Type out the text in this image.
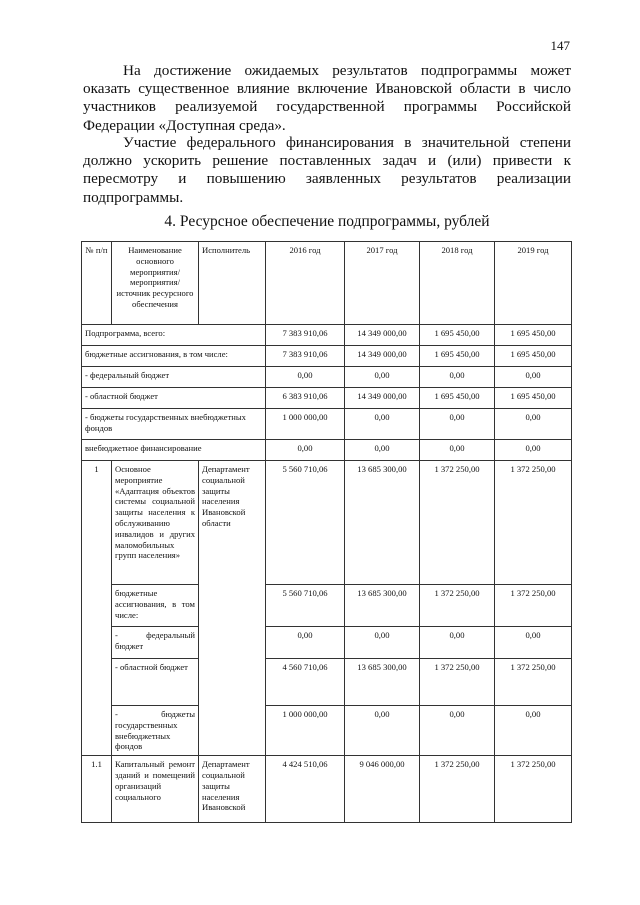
147
На достижение ожидаемых результатов подпрограммы может оказать существенное влияние включение Ивановской области в число участников реализуемой государственной программы Российской Федерации «Доступная среда».
Участие федерального финансирования в значительной степени должно ускорить решение поставленных задач и (или) привести к пересмотру и повышению заявленных результатов реализации подпрограммы.
4. Ресурсное обеспечение подпрограммы, рублей
№ п/п	Наименование основного мероприятия/мероприятия/ источник ресурсного обеспечения	Исполнитель	2016 год	2017 год	2018 год	2019 год
Подпрограмма, всего:			7 383 910,06	14 349 000,00	1 695 450,00	1 695 450,00
бюджетные ассигнования, в том числе:			7 383 910,06	14 349 000,00	1 695 450,00	1 695 450,00
- федеральный бюджет			0,00	0,00	0,00	0,00
- областной бюджет			6 383 910,06	14 349 000,00	1 695 450,00	1 695 450,00
- бюджеты государственных внебюджетных фондов			1 000 000,00	0,00	0,00	0,00
внебюджетное финансирование			0,00	0,00	0,00	0,00
1	Основное мероприятие «Адаптация объектов системы социальной защиты населения к обслуживанию инвалидов и других маломобильных групп населения»	Департамент социальной защиты населения Ивановской области	5 560 710,06	13 685 300,00	1 372 250,00	1 372 250,00
	бюджетные ассигнования, в том числе:		5 560 710,06	13 685 300,00	1 372 250,00	1 372 250,00
	- федеральный бюджет		0,00	0,00	0,00	0,00
	- областной бюджет		4 560 710,06	13 685 300,00	1 372 250,00	1 372 250,00
	- бюджеты государственных внебюджетных фондов		1 000 000,00	0,00	0,00	0,00
1.1	Капитальный ремонт зданий и помещений организаций социального	Департамент социальной защиты населения Ивановской	4 424 510,06	9 046 000,00	1 372 250,00	1 372 250,00
